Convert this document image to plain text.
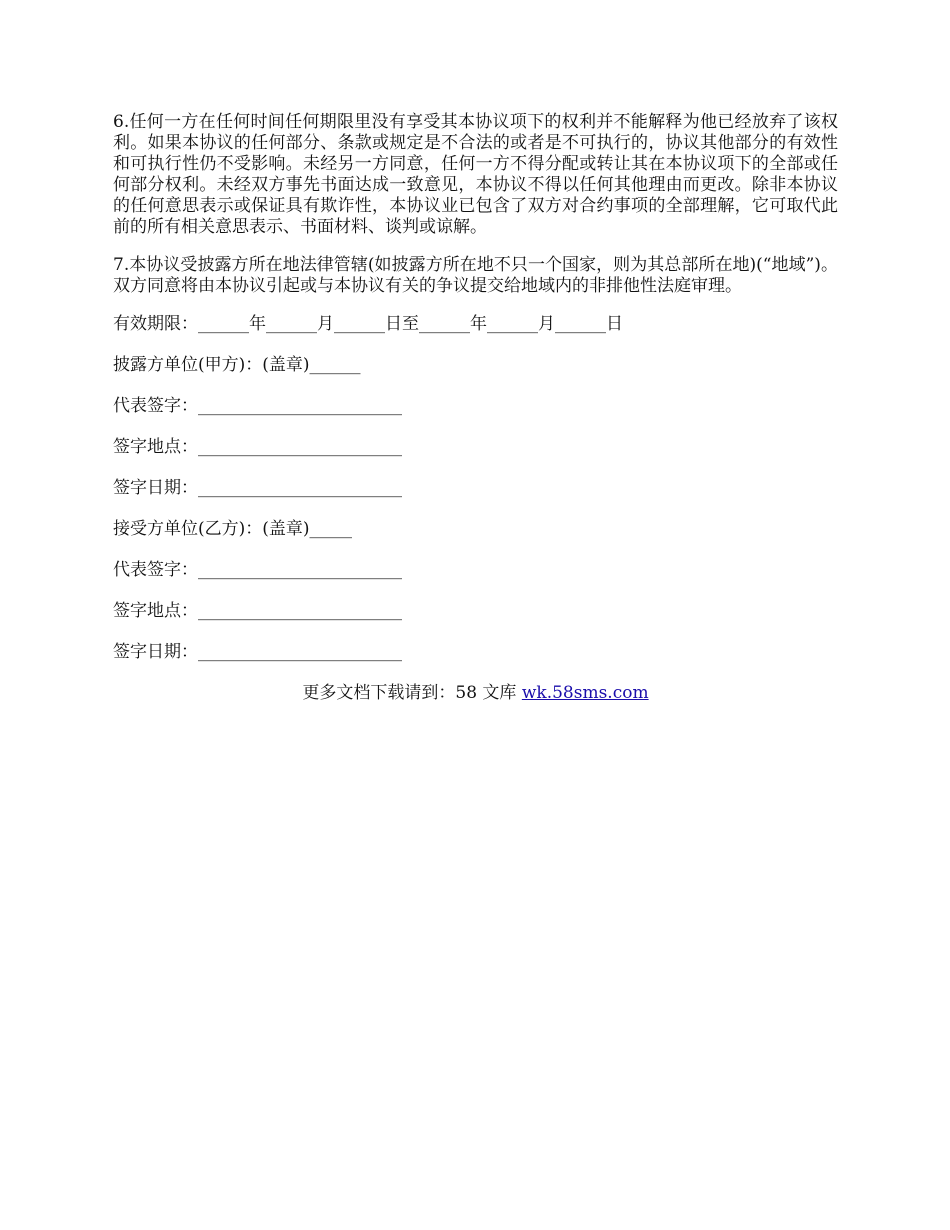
6.任何一方在任何时间任何期限里没有享受其本协议项下的权利并不能解释为他已经放弃了该权利。如果本协议的任何部分、条款或规定是不合法的或者是不可执行的，协议其他部分的有效性和可执行性仍不受影响。未经另一方同意，任何一方不得分配或转让其在本协议项下的全部或任何部分权利。未经双方事先书面达成一致意见，本协议不得以任何其他理由而更改。除非本协议的任何意思表示或保证具有欺诈性，本协议业已包含了双方对合约事项的全部理解，它可取代此前的所有相关意思表示、书面材料、谈判或谅解。

7.本协议受披露方所在地法律管辖(如披露方所在地不只一个国家，则为其总部所在地)(“地域”)。双方同意将由本协议引起或与本协议有关的争议提交给地域内的非排他性法庭审理。

有效期限：______年______月______日至______年______月______日
披露方单位(甲方)：(盖章)______
代表签字：________________________
签字地点：________________________
签字日期：________________________
接受方单位(乙方)：(盖章)_____
代表签字：________________________
签字地点：________________________
签字日期：________________________
更多文档下载请到：58 文库 wk.58sms.com
